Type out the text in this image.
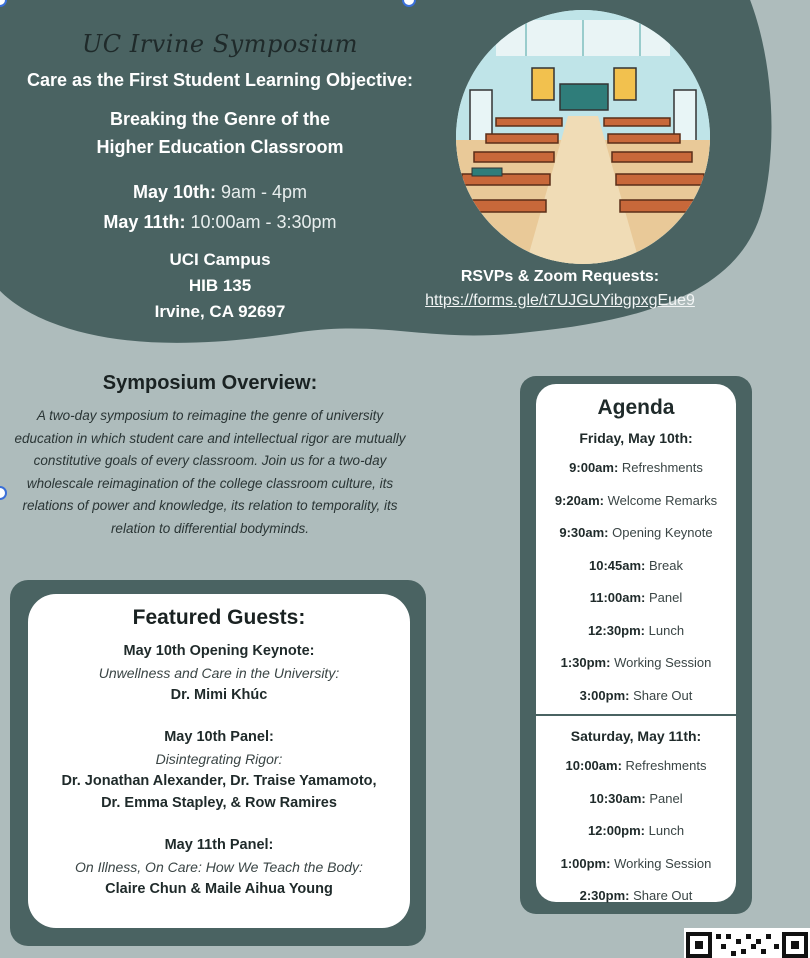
UC Irvine Symposium
Care as the First Student Learning Objective:
Breaking the Genre of the
Higher Education Classroom
May 10th: 9am - 4pm
May 11th: 10:00am - 3:30pm
UCI Campus
HIB 135
Irvine, CA 92697
RSVPs & Zoom Requests:
https://forms.gle/t7UJGUYibgpxgEue9
Symposium Overview:

A two-day symposium to reimagine the genre of university education in which student care and intellectual rigor are mutually constitutive goals of every classroom. Join us for a two-day wholescale reimagination of the college classroom culture, its relations of power and knowledge, its relation to temporality, its relation to differential bodyminds.

Featured Guests:
May 10th Opening Keynote:
Unwellness and Care in the University:
Dr. Mimi Khúc
May 10th Panel:
Disintegrating Rigor:
Dr. Jonathan Alexander, Dr. Traise Yamamoto,
Dr. Emma Stapley, & Row Ramires
May 11th Panel:
On Illness, On Care: How We Teach the Body:
Claire Chun & Maile Aihua Young
Agenda
Friday, May 10th:
9:00am: Refreshments
9:20am: Welcome Remarks
9:30am: Opening Keynote
10:45am: Break
11:00am: Panel
12:30pm: Lunch
1:30pm: Working Session
3:00pm: Share Out
Saturday, May 11th:
10:00am: Refreshments
10:30am: Panel
12:00pm: Lunch
1:00pm: Working Session
2:30pm: Share Out
